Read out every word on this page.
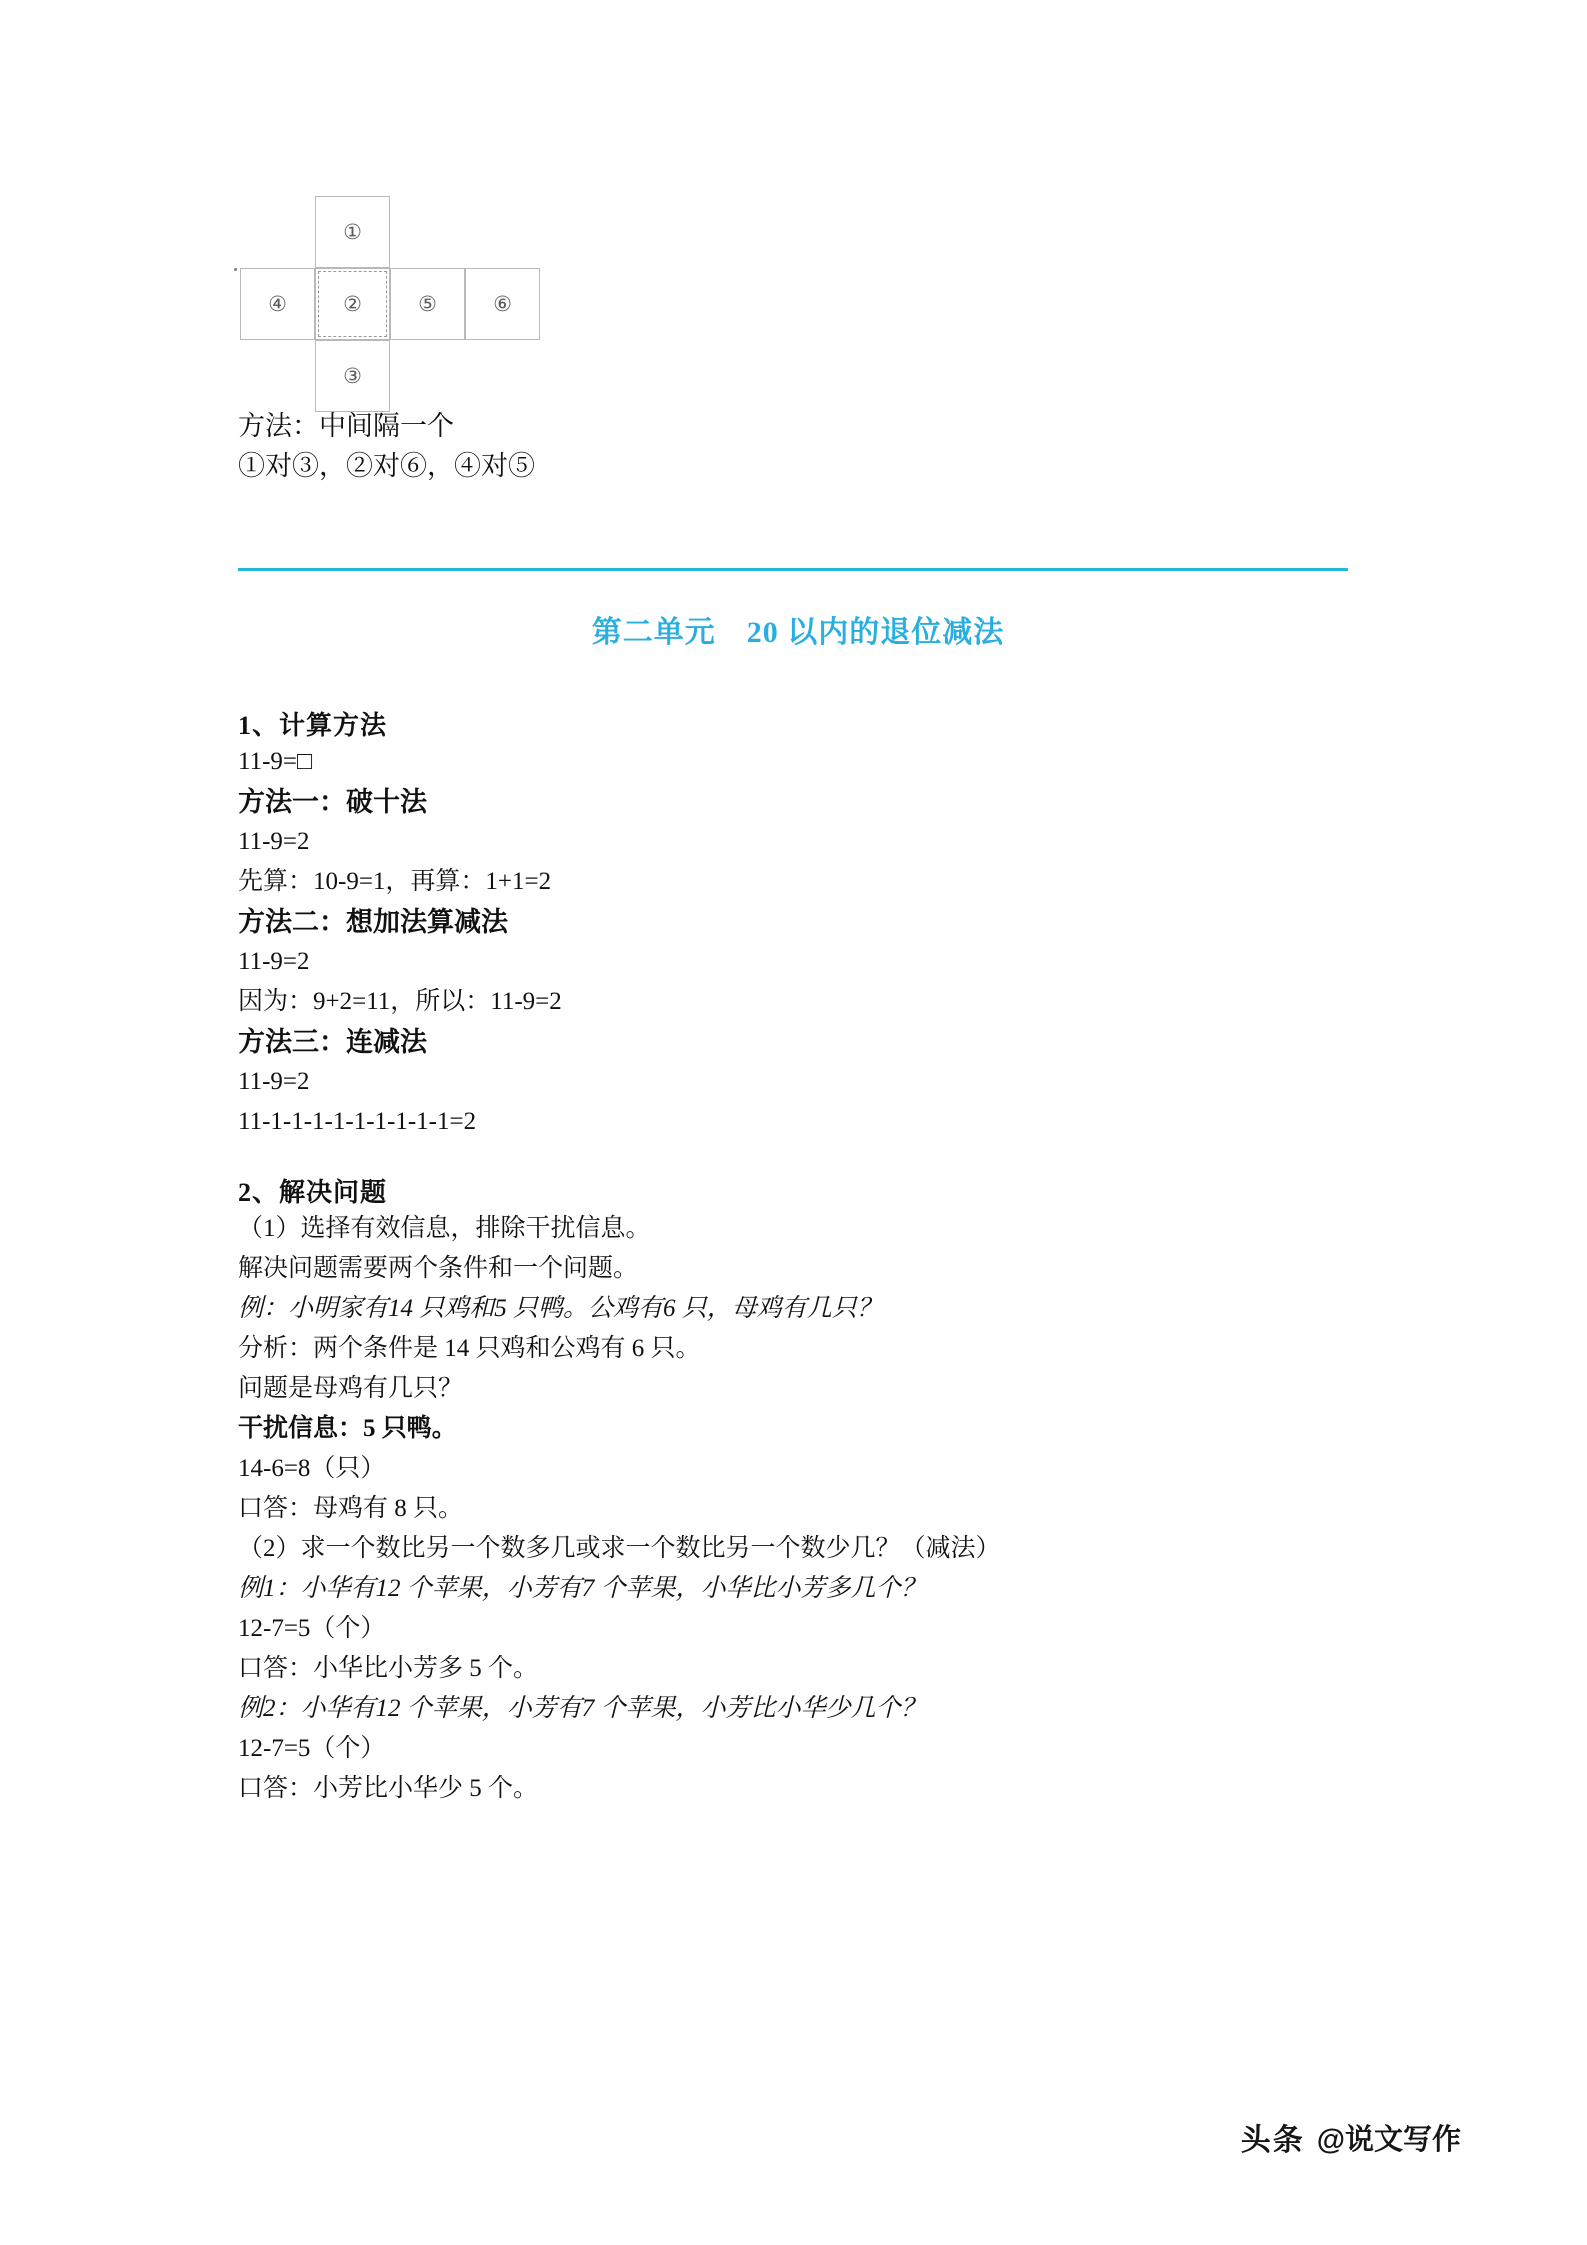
①
④	②	⑤	⑥
③
方法：中间隔一个
①对③，②对⑥，④对⑤
第二单元　20 以内的退位减法
1、计算方法
11-9=□
方法一：破十法
11-9=2
先算：10-9=1，再算：1+1=2
方法二：想加法算减法
11-9=2
因为：9+2=11，所以：11-9=2
方法三：连减法
11-9=2
11-1-1-1-1-1-1-1-1-1=2
2、解决问题
（1）选择有效信息，排除干扰信息。
解决问题需要两个条件和一个问题。
例：小明家有14 只鸡和5 只鸭。公鸡有6 只，母鸡有几只？
分析：两个条件是 14 只鸡和公鸡有 6 只。
问题是母鸡有几只？
干扰信息：5 只鸭。
14-6=8（只）
口答：母鸡有 8 只。
（2）求一个数比另一个数多几或求一个数比另一个数少几？（减法）
例1：小华有12 个苹果，小芳有7 个苹果，小华比小芳多几个？
12-7=5（个）
口答：小华比小芳多 5 个。
例2：小华有12 个苹果，小芳有7 个苹果，小芳比小华少几个？
12-7=5（个）
口答：小芳比小华少 5 个。
头条 @说文写作
